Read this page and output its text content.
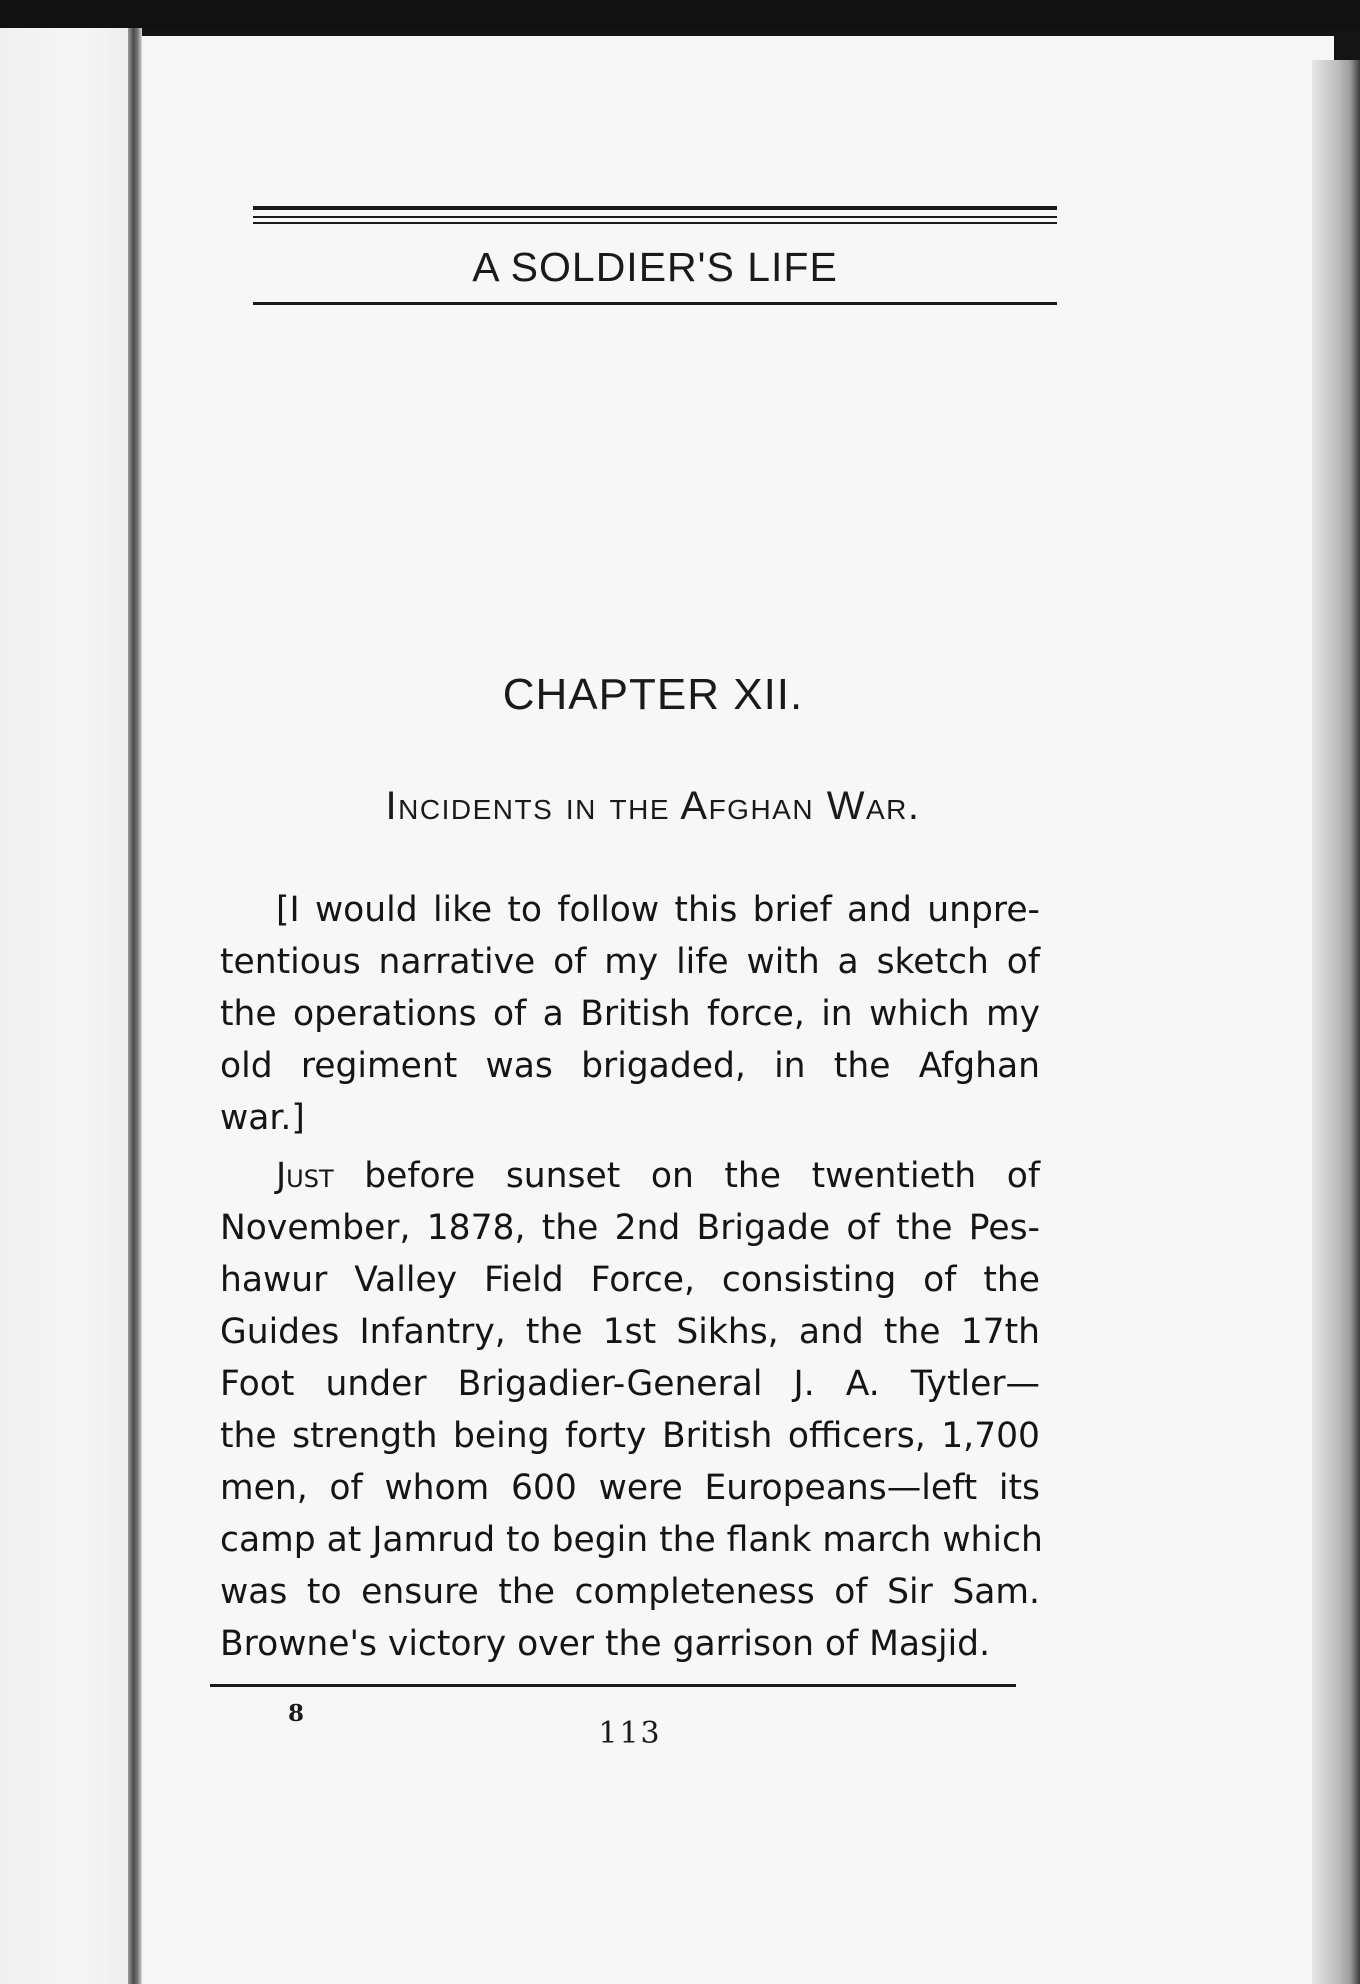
A SOLDIER'S LIFE
CHAPTER XII.
Incidents in the Afghan War.
[I would like to follow this brief and unpre-
tentious narrative of my life with a sketch of
the operations of a British force, in which my
old regiment was brigaded, in the Afghan
war.]
Just before sunset on the twentieth of
November, 1878, the 2nd Brigade of the Pes-
hawur Valley Field Force, consisting of the
Guides Infantry, the 1st Sikhs, and the 17th
Foot under Brigadier-General J. A. Tytler—
the strength being forty British officers, 1,700
men, of whom 600 were Europeans—left its
camp at Jamrud to begin the flank march which
was to ensure the completeness of Sir Sam.
Browne's victory over the garrison of Masjid.
8
113
